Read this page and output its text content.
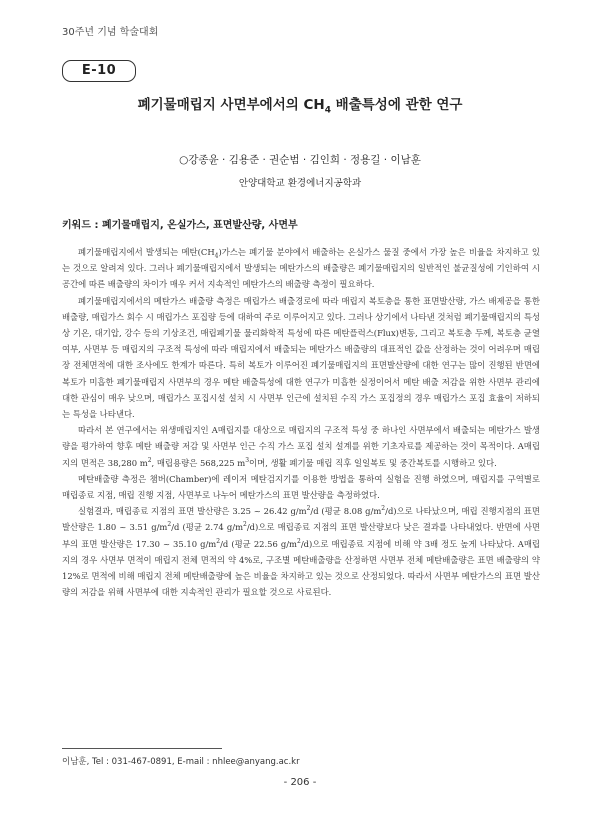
30주년 기념 학술대회
E-10
폐기물매립지 사면부에서의 $CH_4$ 배출특성에 관한 연구
○강종윤 · 김용준 · 권순범 · 김인희 · 정용길 · 이남훈
안양대학교 환경에너지공학과
키워드 : 폐기물매립지, 온실가스, 표면발산량, 사면부

폐기물매립지에서 발생되는 메탄$(CH_4)$가스는 폐기물 분야에서 배출하는 온실가스 물질 중에서 가장 높은 비율을 차지하고 있는 것으로 알려져 있다. 그러나 폐기물매립지에서 발생되는 메탄가스의 배출량은 폐기물매립지의 일반적인 불균질성에 기인하여 시공간에 따른 배출량의 차이가 매우 커서 지속적인 메탄가스의 배출량 측정이 필요하다.

폐기물매립지에서의 메탄가스 배출량 측정은 매립가스 배출경로에 따라 매립지 복토층을 통한 표면발산량, 가스 배제공을 통한 배출량, 매립가스 회수 시 매립가스 포집량 등에 대하여 주로 이루어지고 있다. 그러나 상기에서 나타낸 것처럼 폐기물매립지의 특성상 기온, 대기압, 강수 등의 기상조건, 매립폐기물 물리화학적 특성에 따른 메탄플럭스(Flux)변동, 그리고 복토층 두께, 복토층 균열여부, 사면부 등 매립지의 구조적 특성에 따라 매립지에서 배출되는 메탄가스 배출량의 대표적인 값을 산정하는 것이 어려우며 매립장 전체면적에 대한 조사에도 한계가 따른다. 특히 복토가 이루어진 폐기물매립지의 표면발산량에 대한 연구는 많이 진행된 반면에 복토가 미흡한 폐기물매립지 사면부의 경우 메탄 배출특성에 대한 연구가 미흡한 실정이어서 메탄 배출 저감을 위한 사면부 관리에 대한 관심이 매우 낮으며, 매립가스 포집시설 설치 시 사면부 인근에 설치된 수직 가스 포집정의 경우 매립가스 포집 효율이 저하되는 특성을 나타낸다.

따라서 본 연구에서는 위생매립지인 A매립지를 대상으로 매립지의 구조적 특성 중 하나인 사면부에서 배출되는 메탄가스 발생량을 평가하여 향후 메탄 배출량 저감 및 사면부 인근 수직 가스 포집 설치 설계를 위한 기초자료를 제공하는 것이 목적이다. A매립지의 면적은 38,280 $m^2$, 매립용량은 568,225 $m^3$이며, 생활 폐기물 매립 직후 일일복토 및 중간복토를 시행하고 있다.

메탄배출량 측정은 챔버(Chamber)에 레이저 메탄검지기를 이용한 방법을 통하여 실험을 진행 하였으며, 매립지를 구역별로 매립종료 지점, 매립 진행 지점, 사면부로 나누어 메탄가스의 표면 발산량을 측정하였다.

실험결과, 매립종료 지점의 표면 발산량은 3.25 ~ 26.42 $g/m^2/d$ (평균 8.08 $g/m^2/d$)으로 나타났으며, 매립 진행지점의 표면 발산량은 1.80 ~ 3.51 $g/m^2/d$ (평균 2.74 $g/m^2/d$)으로 매립종료 지점의 표면 발산량보다 낮은 결과를 나타내었다. 반면에 사면부의 표면 발산량은 17.30 ~ 35.10 $g/m^2/d$ (평균 22.56 $g/m^2/d$)으로 매립종료 지점에 비해 약 3배 정도 높게 나타났다. A매립지의 경우 사면부 면적이 매립지 전체 면적의 약 4%로, 구조별 메탄배출량을 산정하면 사면부 전체 메탄배출량은 표면 배출량의 약 12%로 면적에 비해 매립지 전체 메탄배출량에 높은 비율을 차지하고 있는 것으로 산정되었다. 따라서 사면부 메탄가스의 표면 발산량의 저감을 위해 사면부에 대한 지속적인 관리가 필요할 것으로 사료된다.

이남훈, Tel : 031-467-0891, E-mail : nhlee@anyang.ac.kr
- 206 -
